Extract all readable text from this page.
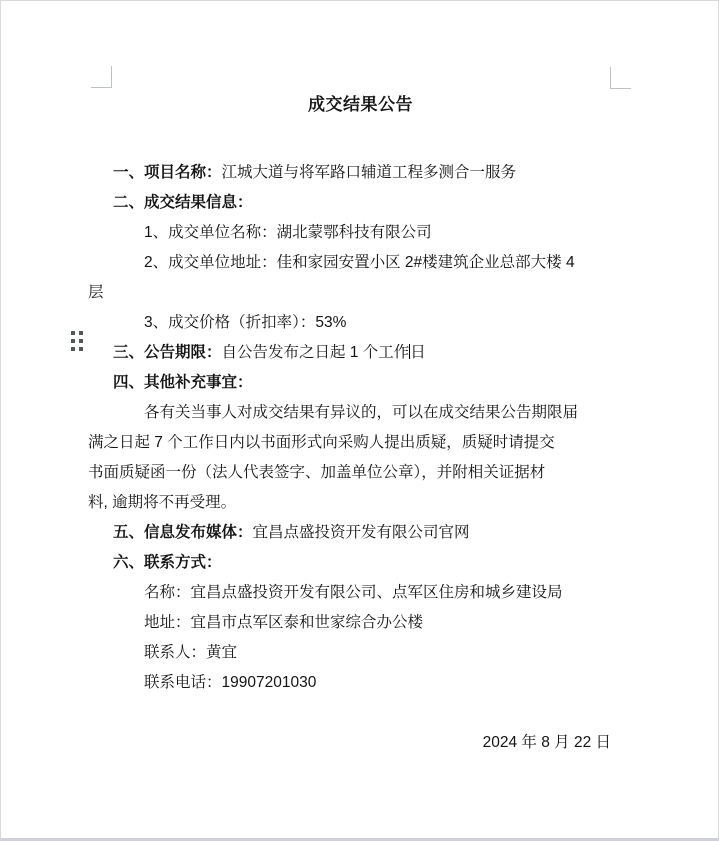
成交结果公告
一、项目名称：江城大道与将军路口辅道工程多测合一服务
二、成交结果信息：
1、成交单位名称：湖北蒙鄂科技有限公司
2、成交单位地址：佳和家园安置小区 2#楼建筑企业总部大楼 4
层
3、成交价格（折扣率）：53%
三、公告期限：自公告发布之日起 1 个工作日
四、其他补充事宜：
各有关当事人对成交结果有异议的，可以在成交结果公告期限届
满之日起 7 个工作日内以书面形式向采购人提出质疑，质疑时请提交
书面质疑函一份（法人代表签字、加盖单位公章），并附相关证据材
料, 逾期将不再受理。
五、信息发布媒体：宜昌点盛投资开发有限公司官网
六、联系方式：
名称：宜昌点盛投资开发有限公司、点军区住房和城乡建设局
地址：宜昌市点军区泰和世家综合办公楼
联系人：黄宜
联系电话：19907201030
2024 年 8 月 22 日
